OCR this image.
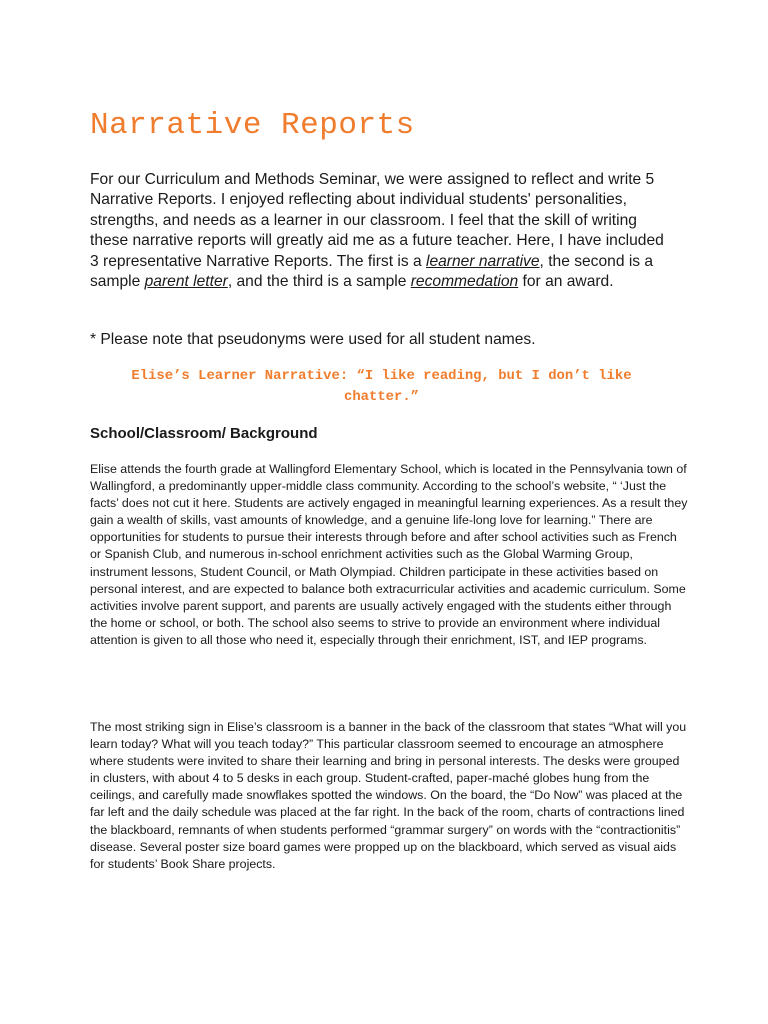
Narrative Reports

For our Curriculum and Methods Seminar, we were assigned to reflect and write 5 Narrative Reports. I enjoyed reflecting about individual students' personalities, strengths, and needs as a learner in our classroom. I feel that the skill of writing these narrative reports will greatly aid me as a future teacher. Here, I have included 3 representative Narrative Reports. The first is a learner narrative, the second is a sample parent letter, and the third is a sample recommedation for an award.

* Please note that pseudonyms were used for all student names.

Elise’s Learner Narrative: “I like reading, but I don’t like chatter.”

School/Classroom/ Background

Elise attends the fourth grade at Wallingford Elementary School, which is located in the Pennsylvania town of Wallingford, a predominantly upper-middle class community. According to the school’s website, “ ‘Just the facts’ does not cut it here. Students are actively engaged in meaningful learning experiences. As a result they gain a wealth of skills, vast amounts of knowledge, and a genuine life-long love for learning.” There are opportunities for students to pursue their interests through before and after school activities such as French or Spanish Club, and numerous in-school enrichment activities such as the Global Warming Group, instrument lessons, Student Council, or Math Olympiad. Children participate in these activities based on personal interest, and are expected to balance both extracurricular activities and academic curriculum. Some activities involve parent support, and parents are usually actively engaged with the students either through the home or school, or both. The school also seems to strive to provide an environment where individual attention is given to all those who need it, especially through their enrichment, IST, and IEP programs.

The most striking sign in Elise’s classroom is a banner in the back of the classroom that states “What will you learn today? What will you teach today?” This particular classroom seemed to encourage an atmosphere where students were invited to share their learning and bring in personal interests. The desks were grouped in clusters, with about 4 to 5 desks in each group. Student-crafted, paper-maché globes hung from the ceilings, and carefully made snowflakes spotted the windows. On the board, the “Do Now” was placed at the far left and the daily schedule was placed at the far right. In the back of the room, charts of contractions lined the blackboard, remnants of when students performed “grammar surgery” on words with the “contractionitis” disease. Several poster size board games were propped up on the blackboard, which served as visual aids for students’ Book Share projects.
